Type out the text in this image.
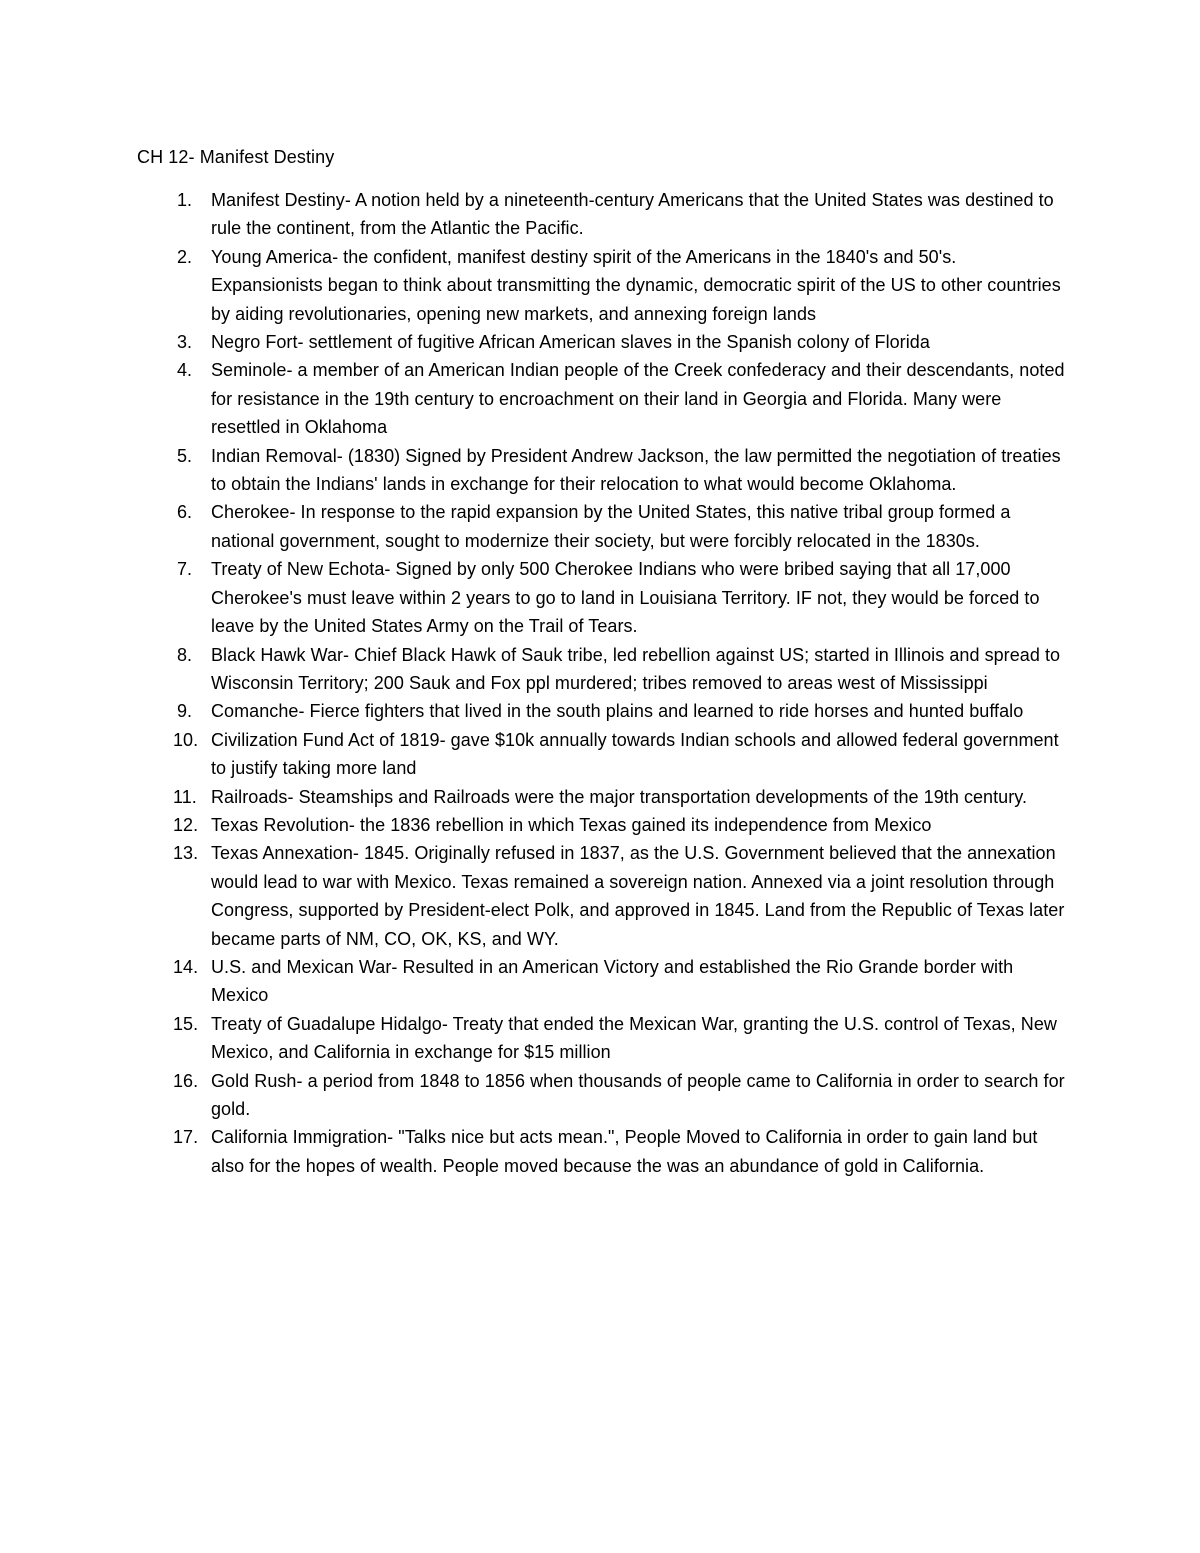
CH 12- Manifest Destiny
1.	Manifest Destiny- A notion held by a nineteenth-century Americans that the United States was destined to rule the continent, from the Atlantic the Pacific.
2.	Young America- the confident, manifest destiny spirit of the Americans in the 1840's and 50's. Expansionists began to think about transmitting the dynamic, democratic spirit of the US to other countries by aiding revolutionaries, opening new markets, and annexing foreign lands
3.	Negro Fort- settlement of fugitive African American slaves in the Spanish colony of Florida
4.	Seminole- a member of an American Indian people of the Creek confederacy and their descendants, noted for resistance in the 19th century to encroachment on their land in Georgia and Florida. Many were resettled in Oklahoma
5.	Indian Removal- (1830) Signed by President Andrew Jackson, the law permitted the negotiation of treaties to obtain the Indians' lands in exchange for their relocation to what would become Oklahoma.
6.	Cherokee- In response to the rapid expansion by the United States, this native tribal group formed a national government, sought to modernize their society, but were forcibly relocated in the 1830s.
7.	Treaty of New Echota- Signed by only 500 Cherokee Indians who were bribed saying that all 17,000 Cherokee's must leave within 2 years to go to land in Louisiana Territory. IF not, they would be forced to leave by the United States Army on the Trail of Tears.
8.	Black Hawk War- Chief Black Hawk of Sauk tribe, led rebellion against US; started in Illinois and spread to Wisconsin Territory; 200 Sauk and Fox ppl murdered; tribes removed to areas west of Mississippi
9.	Comanche- Fierce fighters that lived in the south plains and learned to ride horses and hunted buffalo
10. Civilization Fund Act of 1819- gave $10k annually towards Indian schools and allowed federal government to justify taking more land
11. Railroads- Steamships and Railroads were the major transportation developments of the 19th century.
12. Texas Revolution- the 1836 rebellion in which Texas gained its independence from Mexico
13. Texas Annexation- 1845. Originally refused in 1837, as the U.S. Government believed that the annexation would lead to war with Mexico. Texas remained a sovereign nation. Annexed via a joint resolution through Congress, supported by President-elect Polk, and approved in 1845. Land from the Republic of Texas later became parts of NM, CO, OK, KS, and WY.
14. U.S. and Mexican War- Resulted in an American Victory and established the Rio Grande border with Mexico
15. Treaty of Guadalupe Hidalgo- Treaty that ended the Mexican War, granting the U.S. control of Texas, New Mexico, and California in exchange for $15 million
16. Gold Rush- a period from 1848 to 1856 when thousands of people came to California in order to search for gold.
17. California Immigration- "Talks nice but acts mean.", People Moved to California in order to gain land but also for the hopes of wealth. People moved because the was an abundance of gold in California.
